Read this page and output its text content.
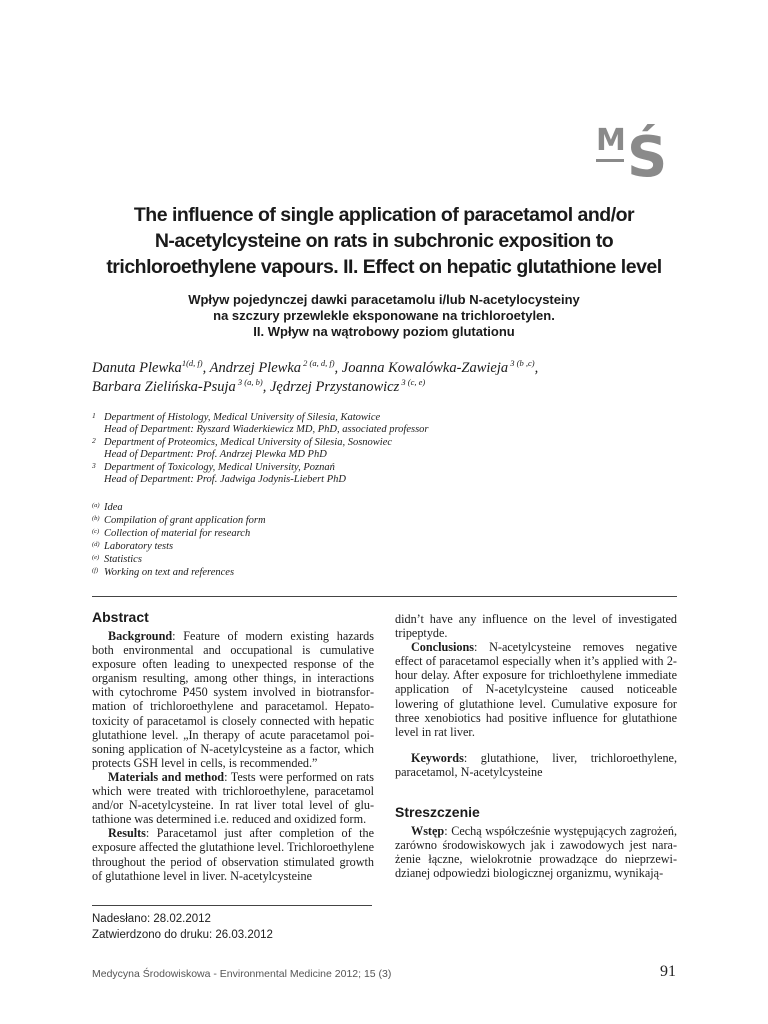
M Ś
The influence of single application of paracetamol and/or
N-acetylcysteine on rats in subchronic exposition to
trichloroethylene vapours. II. Effect on hepatic glutathione level
Wpływ pojedynczej dawki paracetamolu i/lub N-acetylocysteiny
na szczury przewlekle eksponowane na trichloroetylen.
II. Wpływ na wątrobowy poziom glutationu
Danuta Plewka$^{1(d, f)}$, Andrzej Plewka $^{2 (a, d, f)}$, Joanna Kowalówka-Zawieja $^{3 (b ,c)}$,
Barbara Zielińska-Psuja $^{3 (a, b)}$, Jędrzej Przystanowicz $^{3 (c, e)}$
1 Department of Histology, Medical University of Silesia, Katowice
Head of Department: Ryszard Wiaderkiewicz MD, PhD, associated professor
2 Department of Proteomics, Medical University of Silesia, Sosnowiec
Head of Department: Prof. Andrzej Plewka MD PhD
3 Department of Toxicology, Medical University, Poznań
Head of Department: Prof. Jadwiga Jodynis-Liebert PhD
(a) Idea
(b) Compilation of grant application form
(c) Collection of material for research
(d) Laboratory tests
(e) Statistics
(f) Working on text and references
Abstract

Background: Feature of modern existing hazards both environmental and occupational is cumulative exposure often leading to unexpected response of the organism resulting, among other things, in interactions with cytochrome P450 system involved in biotransformation of trichloroethylene and paracetamol. Hepatotoxicity of paracetamol is closely connected with hepatic glutathione level. „In therapy of acute paracetamol poisoning application of N-acetylcysteine as a factor, which protects GSH level in cells, is recommended.”

Materials and method: Tests were performed on rats which were treated with trichloroethylene, paracetamol and/or N-acetylcysteine. In rat liver total level of glutathione was determined i.e. reduced and oxidized form.

Results: Paracetamol just after completion of the exposure affected the glutathione level. Trichloroethylene throughout the period of observation stimulated growth of glutathione level in liver. N-acetylcysteine

didn’t have any influence on the level of investigated tripeptyde.

Conclusions: N-acetylcysteine removes negative effect of paracetamol especially when it’s applied with 2-hour delay. After exposure for trichloethylene immediate application of N-acetylcysteine caused noticeable lowering of glutathione level. Cumulative exposure for three xenobiotics had positive influence for glutathione level in rat liver.

Keywords: glutathione, liver, trichloroethylene, paracetamol, N-acetylcysteine

Streszczenie

Wstęp: Cechą współcześnie występujących zagrożeń, zarówno środowiskowych jak i zawodowych jest narażenie łączne, wielokrotnie prowadzące do nieprzewidzianej odpowiedzi biologicznej organizmu, wynikają-

Nadesłano: 28.02.2012
Zatwierdzono do druku: 26.03.2012
Medycyna Środowiskowa - Environmental Medicine 2012; 15 (3)	91
